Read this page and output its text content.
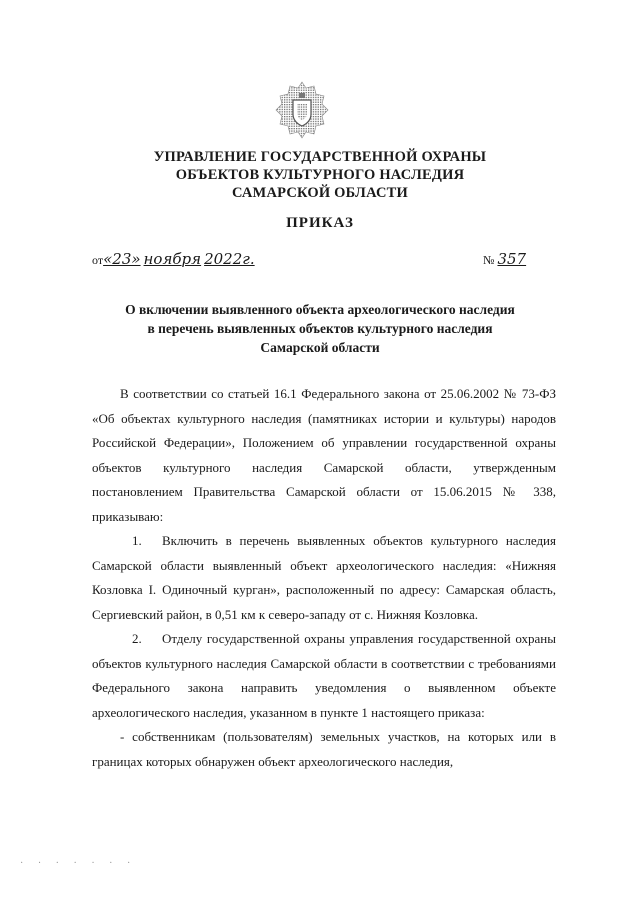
УПРАВЛЕНИЕ ГОСУДАРСТВЕННОЙ ОХРАНЫ
ОБЪЕКТОВ КУЛЬТУРНОГО НАСЛЕДИЯ
САМАРСКОЙ ОБЛАСТИ
ПРИКАЗ
от«23» ноября 2022г.	№ 357
О включении выявленного объекта археологического наследия
в перечень выявленных объектов культурного наследия
Самарской области

В соответствии со статьей 16.1 Федерального закона от 25.06.2002 № 73-ФЗ «Об объектах культурного наследия (памятниках истории и культуры) народов Российской Федерации», Положением об управлении государственной охраны объектов культурного наследия Самарской области, утвержденным постановлением Правительства Самарской области от 15.06.2015 № 338, приказываю:

1. Включить в перечень выявленных объектов культурного наследия Самарской области выявленный объект археологического наследия: «Нижняя Козловка I. Одиночный курган», расположенный по адресу: Самарская область, Сергиевский район, в 0,51 км к северо-западу от с. Нижняя Козловка.

2. Отделу государственной охраны управления государственной охраны объектов культурного наследия Самарской области в соответствии с требованиями Федерального закона направить уведомления о выявленном объекте археологического наследия, указанном в пункте 1 настоящего приказа:

- собственникам (пользователям) земельных участков, на которых или в границах которых обнаружен объект археологического наследия,

· · · · · · ·
